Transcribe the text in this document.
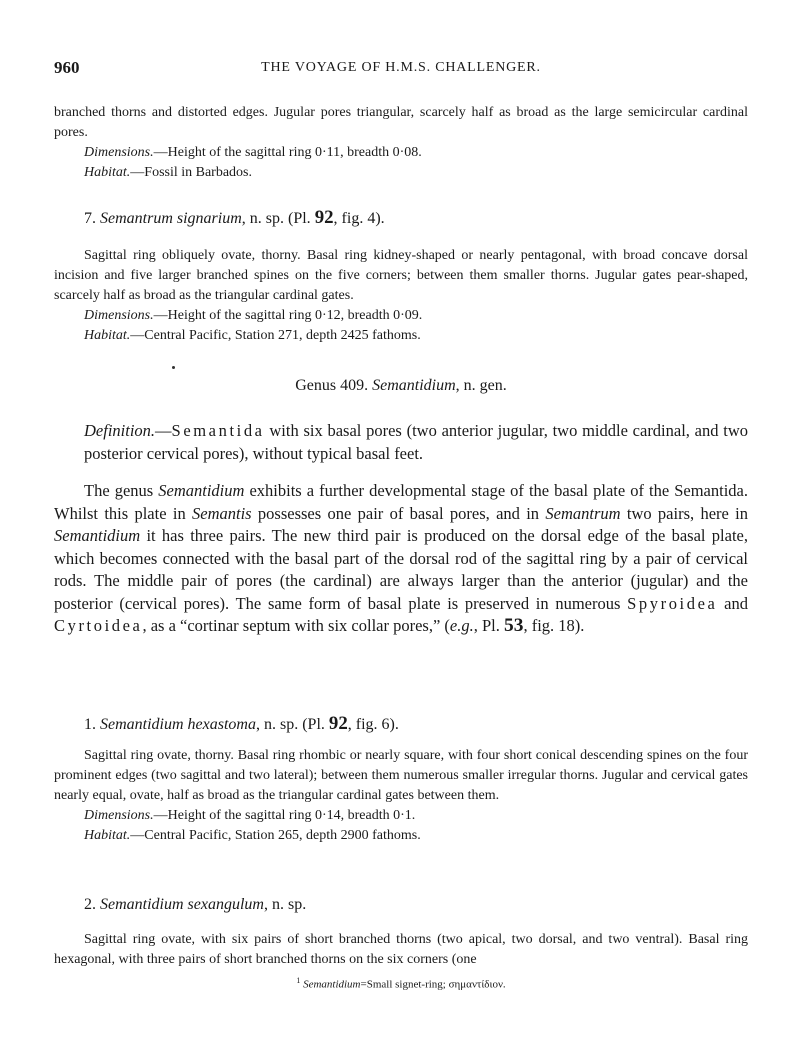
960	THE VOYAGE OF H.M.S. CHALLENGER.
branched thorns and distorted edges. Jugular pores triangular, scarcely half as broad as the large semicircular cardinal pores.
Dimensions.—Height of the sagittal ring 0·11, breadth 0·08.
Habitat.—Fossil in Barbados.
7. Semantrum signarium, n. sp. (Pl. 92, fig. 4).
Sagittal ring obliquely ovate, thorny. Basal ring kidney-shaped or nearly pentagonal, with broad concave dorsal incision and five larger branched spines on the five corners; between them smaller thorns. Jugular gates pear-shaped, scarcely half as broad as the triangular cardinal gates.
Dimensions.—Height of the sagittal ring 0·12, breadth 0·09.
Habitat.—Central Pacific, Station 271, depth 2425 fathoms.
Genus 409. Semantidium, n. gen.
Definition.—Semantida with six basal pores (two anterior jugular, two middle cardinal, and two posterior cervical pores), without typical basal feet.
The genus Semantidium exhibits a further developmental stage of the basal plate of the Semantida. Whilst this plate in Semantis possesses one pair of basal pores, and in Semantrum two pairs, here in Semantidium it has three pairs. The new third pair is produced on the dorsal edge of the basal plate, which becomes connected with the basal part of the dorsal rod of the sagittal ring by a pair of cervical rods. The middle pair of pores (the cardinal) are always larger than the anterior (jugular) and the posterior (cervical pores). The same form of basal plate is preserved in numerous Spyroidea and Cyrtoidea, as a “cortinar septum with six collar pores,” (e.g., Pl. 53, fig. 18).
1. Semantidium hexastoma, n. sp. (Pl. 92, fig. 6).
Sagittal ring ovate, thorny. Basal ring rhombic or nearly square, with four short conical descending spines on the four prominent edges (two sagittal and two lateral); between them numerous smaller irregular thorns. Jugular and cervical gates nearly equal, ovate, half as broad as the triangular cardinal gates between them.
Dimensions.—Height of the sagittal ring 0·14, breadth 0·1.
Habitat.—Central Pacific, Station 265, depth 2900 fathoms.
2. Semantidium sexangulum, n. sp.
Sagittal ring ovate, with six pairs of short branched thorns (two apical, two dorsal, and two ventral). Basal ring hexagonal, with three pairs of short branched thorns on the six corners (one
$^1$ Semantidium=Small signet-ring; σημαντίδιον.
